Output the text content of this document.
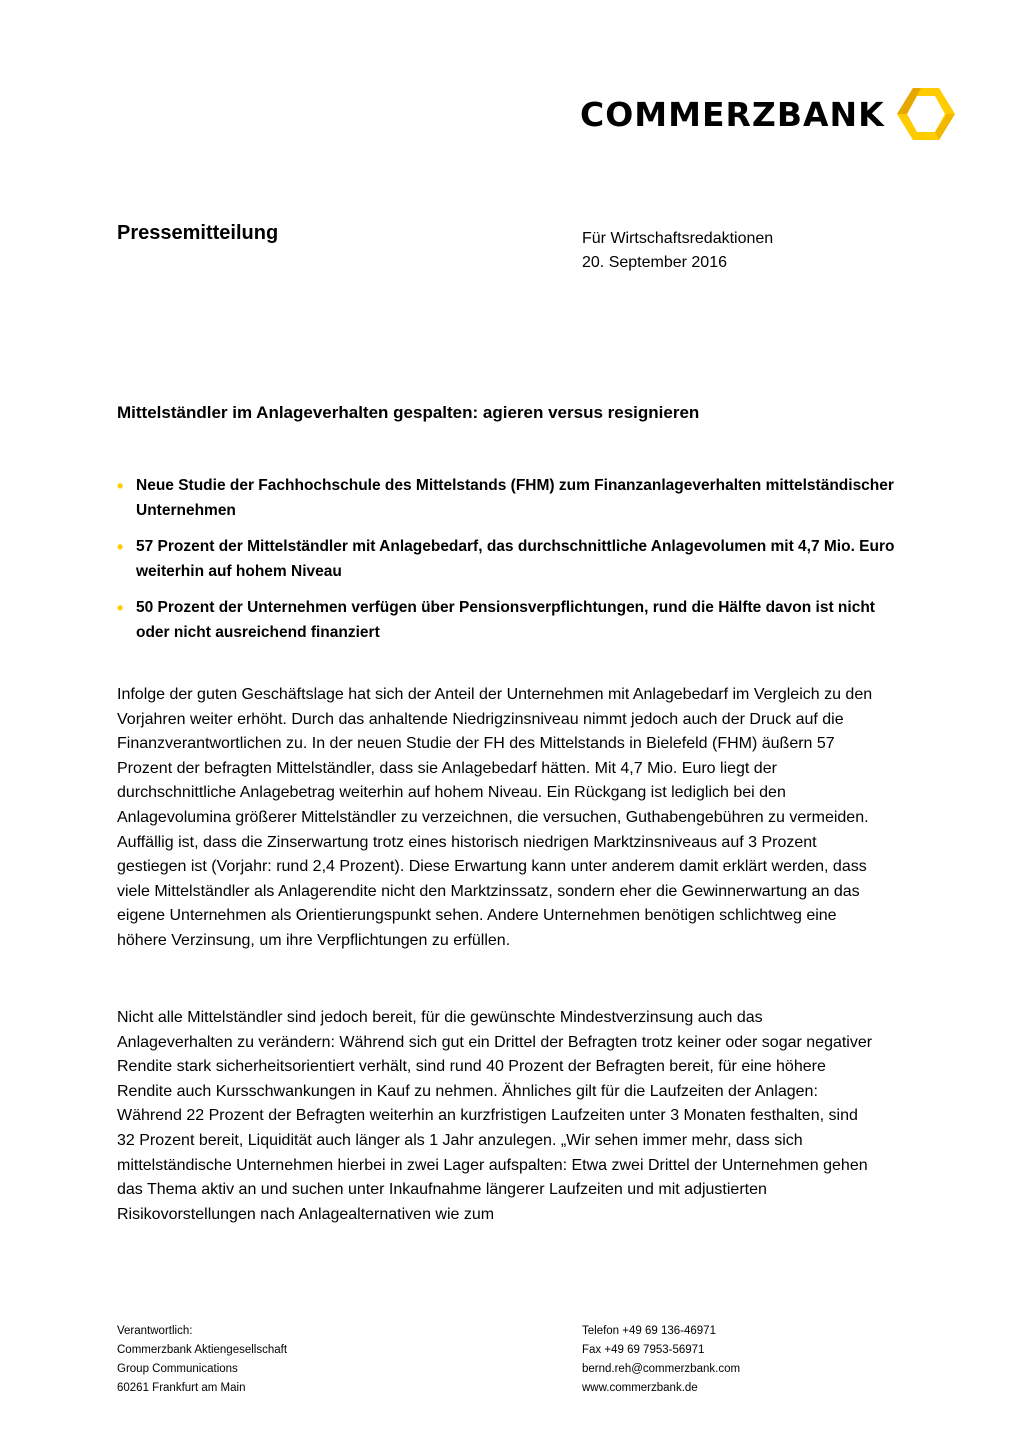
COMMERZBANK
Pressemitteilung	Für Wirtschaftsredaktionen
20. September 2016
Mittelständler im Anlageverhalten gespalten: agieren versus resignieren
• Neue Studie der Fachhochschule des Mittelstands (FHM) zum Finanzanlageverhalten mittelständischer Unternehmen
• 57 Prozent der Mittelständler mit Anlagebedarf, das durchschnittliche Anlagevolumen mit 4,7 Mio. Euro weiterhin auf hohem Niveau
• 50 Prozent der Unternehmen verfügen über Pensionsverpflichtungen, rund die Hälfte davon ist nicht oder nicht ausreichend finanziert

Infolge der guten Geschäftslage hat sich der Anteil der Unternehmen mit Anlagebedarf im Vergleich zu den Vorjahren weiter erhöht. Durch das anhaltende Niedrigzinsniveau nimmt jedoch auch der Druck auf die Finanzverantwortlichen zu. In der neuen Studie der FH des Mittelstands in Bielefeld (FHM) äußern 57 Prozent der befragten Mittelständler, dass sie Anlagebedarf hätten. Mit 4,7 Mio. Euro liegt der durchschnittliche Anlagebetrag weiterhin auf hohem Niveau. Ein Rückgang ist lediglich bei den Anlagevolumina größerer Mittelständler zu verzeichnen, die versuchen, Guthabengebühren zu vermeiden. Auffällig ist, dass die Zinserwartung trotz eines historisch niedrigen Marktzinsniveaus auf 3 Prozent gestiegen ist (Vorjahr: rund 2,4 Prozent). Diese Erwartung kann unter anderem damit erklärt werden, dass viele Mittelständler als Anlagerendite nicht den Marktzinssatz, sondern eher die Gewinnerwartung an das eigene Unternehmen als Orientierungspunkt sehen. Andere Unternehmen benötigen schlichtweg eine höhere Verzinsung, um ihre Verpflichtungen zu erfüllen.

Nicht alle Mittelständler sind jedoch bereit, für die gewünschte Mindestverzinsung auch das Anlageverhalten zu verändern: Während sich gut ein Drittel der Befragten trotz keiner oder sogar negativer Rendite stark sicherheitsorientiert verhält, sind rund 40 Prozent der Befragten bereit, für eine höhere Rendite auch Kursschwankungen in Kauf zu nehmen. Ähnliches gilt für die Laufzeiten der Anlagen: Während 22 Prozent der Befragten weiterhin an kurzfristigen Laufzeiten unter 3 Monaten festhalten, sind 32 Prozent bereit, Liquidität auch länger als 1 Jahr anzulegen. „Wir sehen immer mehr, dass sich mittelständische Unternehmen hierbei in zwei Lager aufspalten: Etwa zwei Drittel der Unternehmen gehen das Thema aktiv an und suchen unter Inkaufnahme längerer Laufzeiten und mit adjustierten Risikovorstellungen nach Anlagealternativen wie zum

Verantwortlich:
Commerzbank Aktiengesellschaft
Group Communications
60261 Frankfurt am Main
Telefon +49 69 136-46971
Fax +49 69 7953-56971
bernd.reh@commerzbank.com
www.commerzbank.de
